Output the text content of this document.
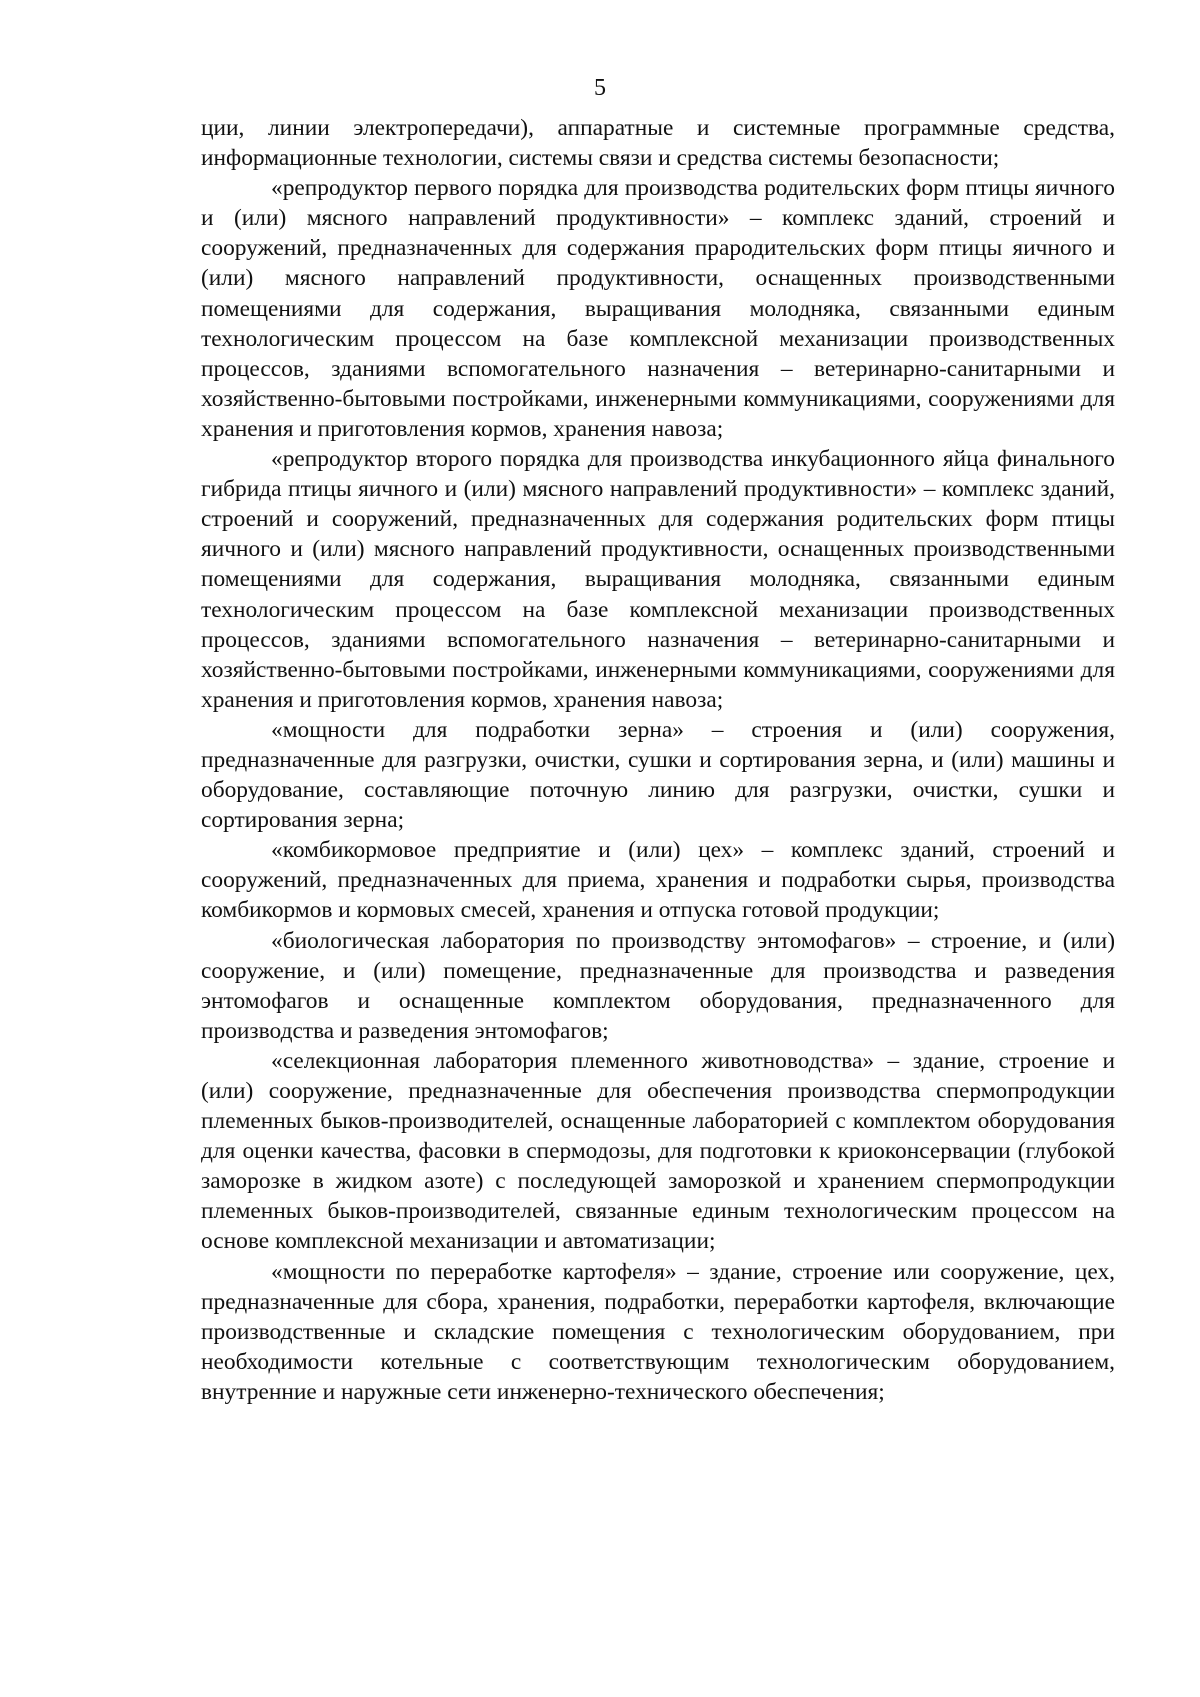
5

ции, линии электропередачи), аппаратные и системные программные средства, информационные технологии, системы связи и средства системы безопасности;

«репродуктор первого порядка для производства родительских форм птицы яичного и (или) мясного направлений продуктивности» – комплекс зданий, строений и сооружений, предназначенных для содержания прародительских форм птицы яичного и (или) мясного направлений продуктивности, оснащенных производственными помещениями для содержания, выращивания молодняка, связанными единым технологическим процессом на базе комплексной механизации производственных процессов, зданиями вспомогательного назначения – ветеринарно-санитарными и хозяйственно-бытовыми постройками, инженерными коммуникациями, сооружениями для хранения и приготовления кормов, хранения навоза;

«репродуктор второго порядка для производства инкубационного яйца финального гибрида птицы яичного и (или) мясного направлений продуктивности» – комплекс зданий, строений и сооружений, предназначенных для содержания родительских форм птицы яичного и (или) мясного направлений продуктивности, оснащенных производственными помещениями для содержания, выращивания молодняка, связанными единым технологическим процессом на базе комплексной механизации производственных процессов, зданиями вспомогательного назначения – ветеринарно-санитарными и хозяйственно-бытовыми постройками, инженерными коммуникациями, сооружениями для хранения и приготовления кормов, хранения навоза;

«мощности для подработки зерна» – строения и (или) сооружения, предназначенные для разгрузки, очистки, сушки и сортирования зерна, и (или) машины и оборудование, составляющие поточную линию для разгрузки, очистки, сушки и сортирования зерна;

«комбикормовое предприятие и (или) цех» – комплекс зданий, строений и сооружений, предназначенных для приема, хранения и подработки сырья, производства комбикормов и кормовых смесей, хранения и отпуска готовой продукции;

«биологическая лаборатория по производству энтомофагов» – строение, и (или) сооружение, и (или) помещение, предназначенные для производства и разведения энтомофагов и оснащенные комплектом оборудования, предназначенного для производства и разведения энтомофагов;

«селекционная лаборатория племенного животноводства» – здание, строение и (или) сооружение, предназначенные для обеспечения производства спермопродукции племенных быков-производителей, оснащенные лабораторией с комплектом оборудования для оценки качества, фасовки в спермодозы, для подготовки к криоконсервации (глубокой заморозке в жидком азоте) с последующей заморозкой и хранением спермопродукции племенных быков-производителей, связанные единым технологическим процессом на основе комплексной механизации и автоматизации;

«мощности по переработке картофеля» – здание, строение или сооружение, цех, предназначенные для сбора, хранения, подработки, переработки картофеля, включающие производственные и складские помещения с технологическим оборудованием, при необходимости котельные с соответствующим технологическим оборудованием, внутренние и наружные сети инженерно-технического обеспечения;
